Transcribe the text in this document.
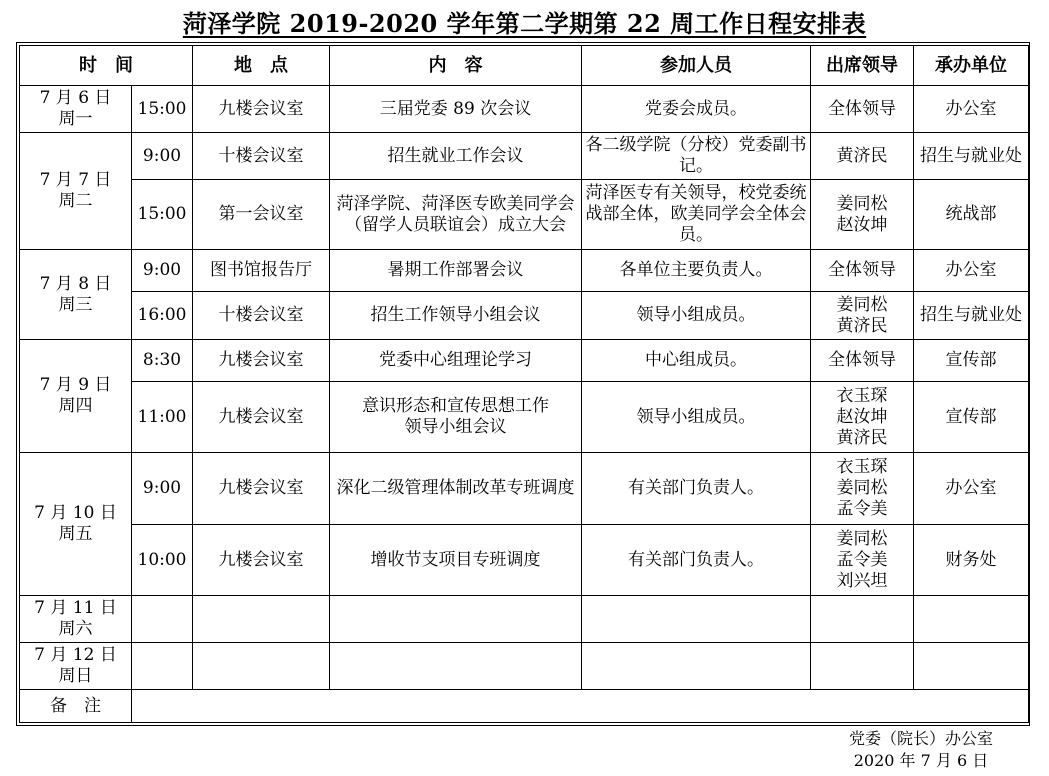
菏泽学院 2019-2020 学年第二学期第 22 周工作日程安排表
时　间		地　点	内　容	参加人员	出席领导	承办单位

7 月 6 日
周一	15:00	九楼会议室	三届党委 89 次会议	党委会成员。	全体领导	办公室

7 月 7 日
周二	9:00	十楼会议室	招生就业工作会议	各二级学院（分校）党委副书记。	黄济民	招生与就业处
	15:00	第一会议室	菏泽学院、菏泽医专欧美同学会
（留学人员联谊会）成立大会	菏泽医专有关领导，校党委统战部全体，欧美同学会全体会员。	姜同松
赵汝坤	统战部

7 月 8 日
周三	9:00	图书馆报告厅	暑期工作部署会议	各单位主要负责人。	全体领导	办公室
	16:00	十楼会议室	招生工作领导小组会议	领导小组成员。	姜同松
黄济民	招生与就业处

7 月 9 日
周四	8:30	九楼会议室	党委中心组理论学习	中心组成员。	全体领导	宣传部
	11:00	九楼会议室	意识形态和宣传思想工作
领导小组会议	领导小组成员。	衣玉琛
赵汝坤
黄济民	宣传部

7 月 10 日
周五	9:00	九楼会议室	深化二级管理体制改革专班调度	有关部门负责人。	衣玉琛
姜同松
孟令美	办公室
	10:00	九楼会议室	增收节支项目专班调度	有关部门负责人。	姜同松
孟令美
刘兴坦	财务处

7 月 11 日
周六						

7 月 12 日
周日						

备　注						
党委（院长）办公室
2020 年 7 月 6 日
